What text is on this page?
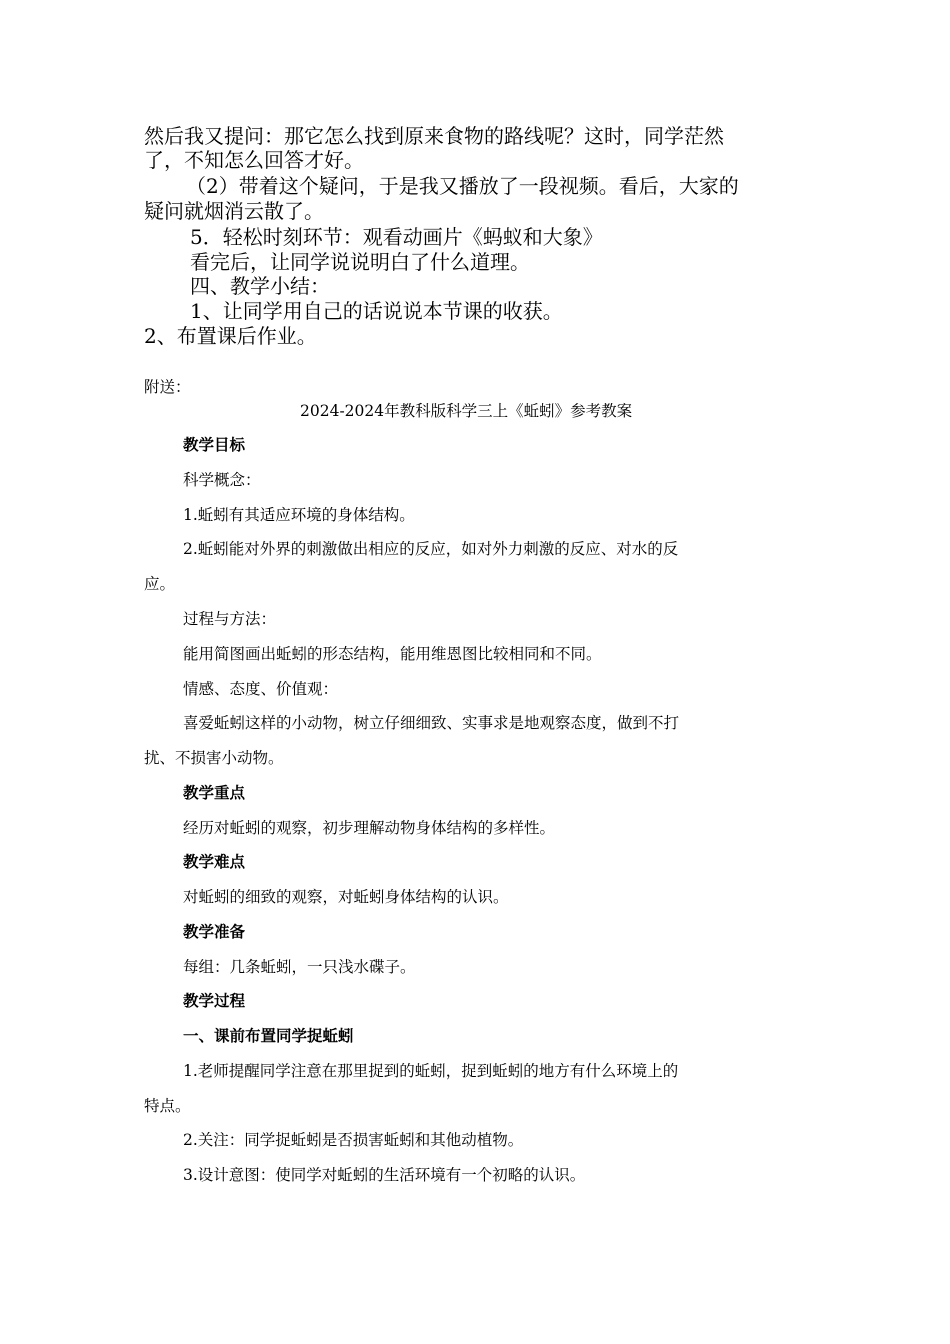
然后我又提问：那它怎么找到原来食物的路线呢？这时，同学茫然
了，不知怎么回答才好。
（2）带着这个疑问，于是我又播放了一段视频。看后，大家的
疑问就烟消云散了。
5．轻松时刻环节：观看动画片《蚂蚁和大象》
看完后，让同学说说明白了什么道理。
四、教学小结：
1、让同学用自己的话说说本节课的收获。
2、布置课后作业。
附送：
2024-2024年教科版科学三上《蚯蚓》参考教案
教学目标
科学概念：
1.蚯蚓有其适应环境的身体结构。
2.蚯蚓能对外界的刺激做出相应的反应，如对外力刺激的反应、对水的反
应。
过程与方法：
能用简图画出蚯蚓的形态结构，能用维恩图比较相同和不同。
情感、态度、价值观：
喜爱蚯蚓这样的小动物，树立仔细细致、实事求是地观察态度，做到不打
扰、不损害小动物。
教学重点
经历对蚯蚓的观察，初步理解动物身体结构的多样性。
教学难点
对蚯蚓的细致的观察，对蚯蚓身体结构的认识。
教学准备
每组：几条蚯蚓，一只浅水碟子。
教学过程
一、课前布置同学捉蚯蚓
1.老师提醒同学注意在那里捉到的蚯蚓，捉到蚯蚓的地方有什么环境上的
特点。
2.关注：同学捉蚯蚓是否损害蚯蚓和其他动植物。
3.设计意图：使同学对蚯蚓的生活环境有一个初略的认识。
